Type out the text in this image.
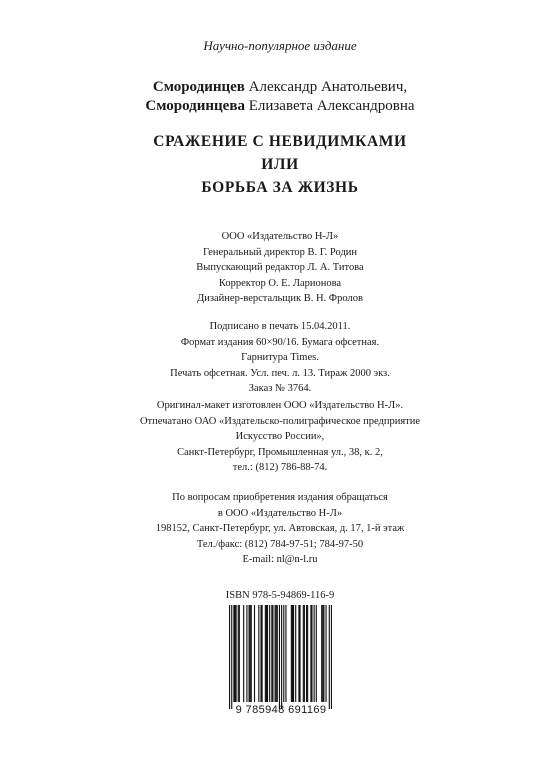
Научно-популярное издание
Смородинцев Александр Анатольевич,
Смородинцева Елизавета Александровна
СРАЖЕНИЕ С НЕВИДИМКАМИ
ИЛИ
БОРЬБА ЗА ЖИЗНЬ
ООО «Издательство Н-Л»
Генеральный директор В. Г. Родин
Выпускающий редактор Л. А. Титова
Корректор О. Е. Ларионова
Дизайнер-верстальщик В. Н. Фролов
Подписано в печать 15.04.2011.
Формат издания 60×90/16. Бумага офсетная.
Гарнитура Times.
Печать офсетная. Усл. печ. л. 13. Тираж 2000 экз.
Заказ № 3764.
Оригинал-макет изготовлен ООО «Издательство Н-Л».
Отпечатано ОАО «Издательско-полиграфическое предприятие
Искусство России»,
Санкт-Петербург, Промышленная ул., 38, к. 2,
тел.: (812) 786-88-74.
По вопросам приобретения издания обращаться
в ООО «Издательство Н-Л»
198152, Санкт-Петербург, ул. Автовская, д. 17, 1-й этаж
Тел./факс: (812) 784-97-51; 784-97-50
E-mail: nl@n-l.ru
ISBN 978-5-94869-116-9
9 785948 691169
